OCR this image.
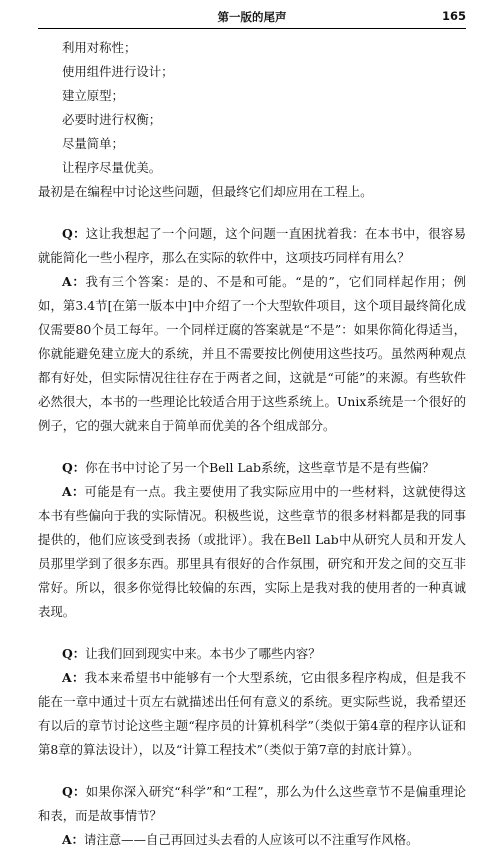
第一版的尾声	165
利用对称性；
使用组件进行设计；
建立原型；
必要时进行权衡；
尽量简单；
让程序尽量优美。

最初是在编程中讨论这些问题，但最终它们却应用在工程上。

Q：这让我想起了一个问题，这个问题一直困扰着我：在本书中，很容易就能简化一些小程序，那么在实际的软件中，这项技巧同样有用么？

A：我有三个答案：是的、不是和可能。“是的”，它们同样起作用；例如，第3.4节[在第一版本中]中介绍了一个大型软件项目，这个项目最终简化成仅需要80个员工每年。一个同样迂腐的答案就是“不是”：如果你简化得适当，你就能避免建立庞大的系统，并且不需要按比例使用这些技巧。虽然两种观点都有好处，但实际情况往往存在于两者之间，这就是“可能”的来源。有些软件必然很大，本书的一些理论比较适合用于这些系统上。Unix系统是一个很好的例子，它的强大就来自于简单而优美的各个组成部分。

Q：你在书中讨论了另一个Bell Lab系统，这些章节是不是有些偏？

A：可能是有一点。我主要使用了我实际应用中的一些材料，这就使得这本书有些偏向于我的实际情况。积极些说，这些章节的很多材料都是我的同事提供的，他们应该受到表扬（或批评）。我在Bell Lab中从研究人员和开发人员那里学到了很多东西。那里具有很好的合作氛围，研究和开发之间的交互非常好。所以，很多你觉得比较偏的东西，实际上是我对我的使用者的一种真诚表现。

Q：让我们回到现实中来。本书少了哪些内容？

A：我本来希望书中能够有一个大型系统，它由很多程序构成，但是我不能在一章中通过十页左右就描述出任何有意义的系统。更实际些说，我希望还有以后的章节讨论这些主题“程序员的计算机科学”（类似于第4章的程序认证和第8章的算法设计），以及“计算工程技术”（类似于第7章的封底计算）。

Q：如果你深入研究“科学”和“工程”，那么为什么这些章节不是偏重理论和表，而是故事情节？

A：请注意——自己再回过头去看的人应该可以不注重写作风格。
